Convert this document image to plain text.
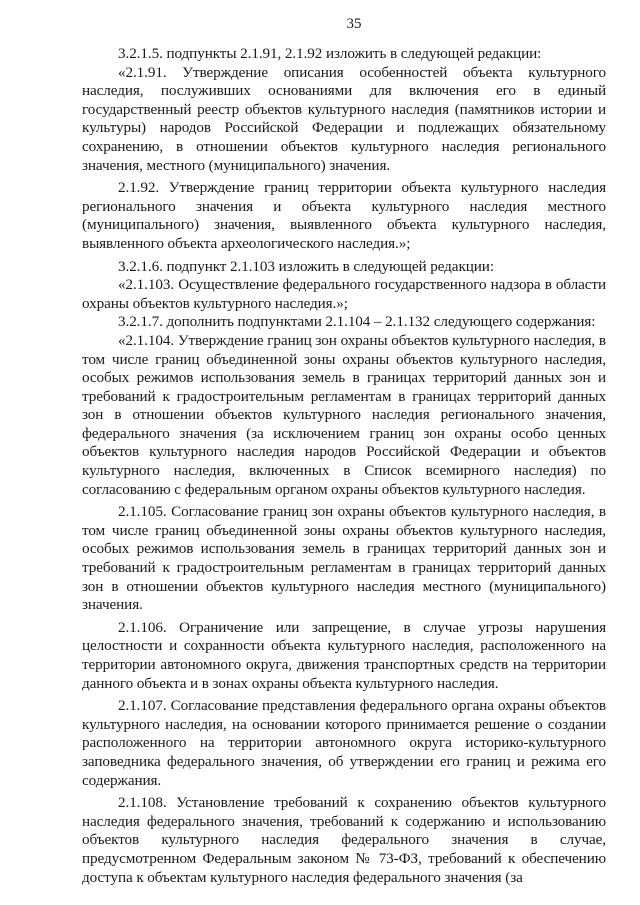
35

3.2.1.5. подпункты 2.1.91, 2.1.92 изложить в следующей редакции:

«2.1.91. Утверждение описания особенностей объекта культурного наследия, послуживших основаниями для включения его в единый государственный реестр объектов культурного наследия (памятников истории и культуры) народов Российской Федерации и подлежащих обязательному сохранению, в отношении объектов культурного наследия регионального значения, местного (муниципального) значения.

2.1.92. Утверждение границ территории объекта культурного наследия регионального значения и объекта культурного наследия местного (муниципального) значения, выявленного объекта культурного наследия, выявленного объекта археологического наследия.»;

3.2.1.6. подпункт 2.1.103 изложить в следующей редакции:

«2.1.103. Осуществление федерального государственного надзора в области охраны объектов культурного наследия.»;

3.2.1.7. дополнить подпунктами 2.1.104 – 2.1.132 следующего содержания:

«2.1.104. Утверждение границ зон охраны объектов культурного наследия, в том числе границ объединенной зоны охраны объектов культурного наследия, особых режимов использования земель в границах территорий данных зон и требований к градостроительным регламентам в границах территорий данных зон в отношении объектов культурного наследия регионального значения, федерального значения (за исключением границ зон охраны особо ценных объектов культурного наследия народов Российской Федерации и объектов культурного наследия, включенных в Список всемирного наследия) по согласованию с федеральным органом охраны объектов культурного наследия.

2.1.105. Согласование границ зон охраны объектов культурного наследия, в том числе границ объединенной зоны охраны объектов культурного наследия, особых режимов использования земель в границах территорий данных зон и требований к градостроительным регламентам в границах территорий данных зон в отношении объектов культурного наследия местного (муниципального) значения.

2.1.106. Ограничение или запрещение, в случае угрозы нарушения целостности и сохранности объекта культурного наследия, расположенного на территории автономного округа, движения транспортных средств на территории данного объекта и в зонах охраны объекта культурного наследия.

2.1.107. Согласование представления федерального органа охраны объектов культурного наследия, на основании которого принимается решение о создании расположенного на территории автономного округа историко-культурного заповедника федерального значения, об утверждении его границ и режима его содержания.

2.1.108. Установление требований к сохранению объектов культурного наследия федерального значения, требований к содержанию и использованию объектов культурного наследия федерального значения в случае, предусмотренном Федеральным законом № 73-ФЗ, требований к обеспечению доступа к объектам культурного наследия федерального значения (за
